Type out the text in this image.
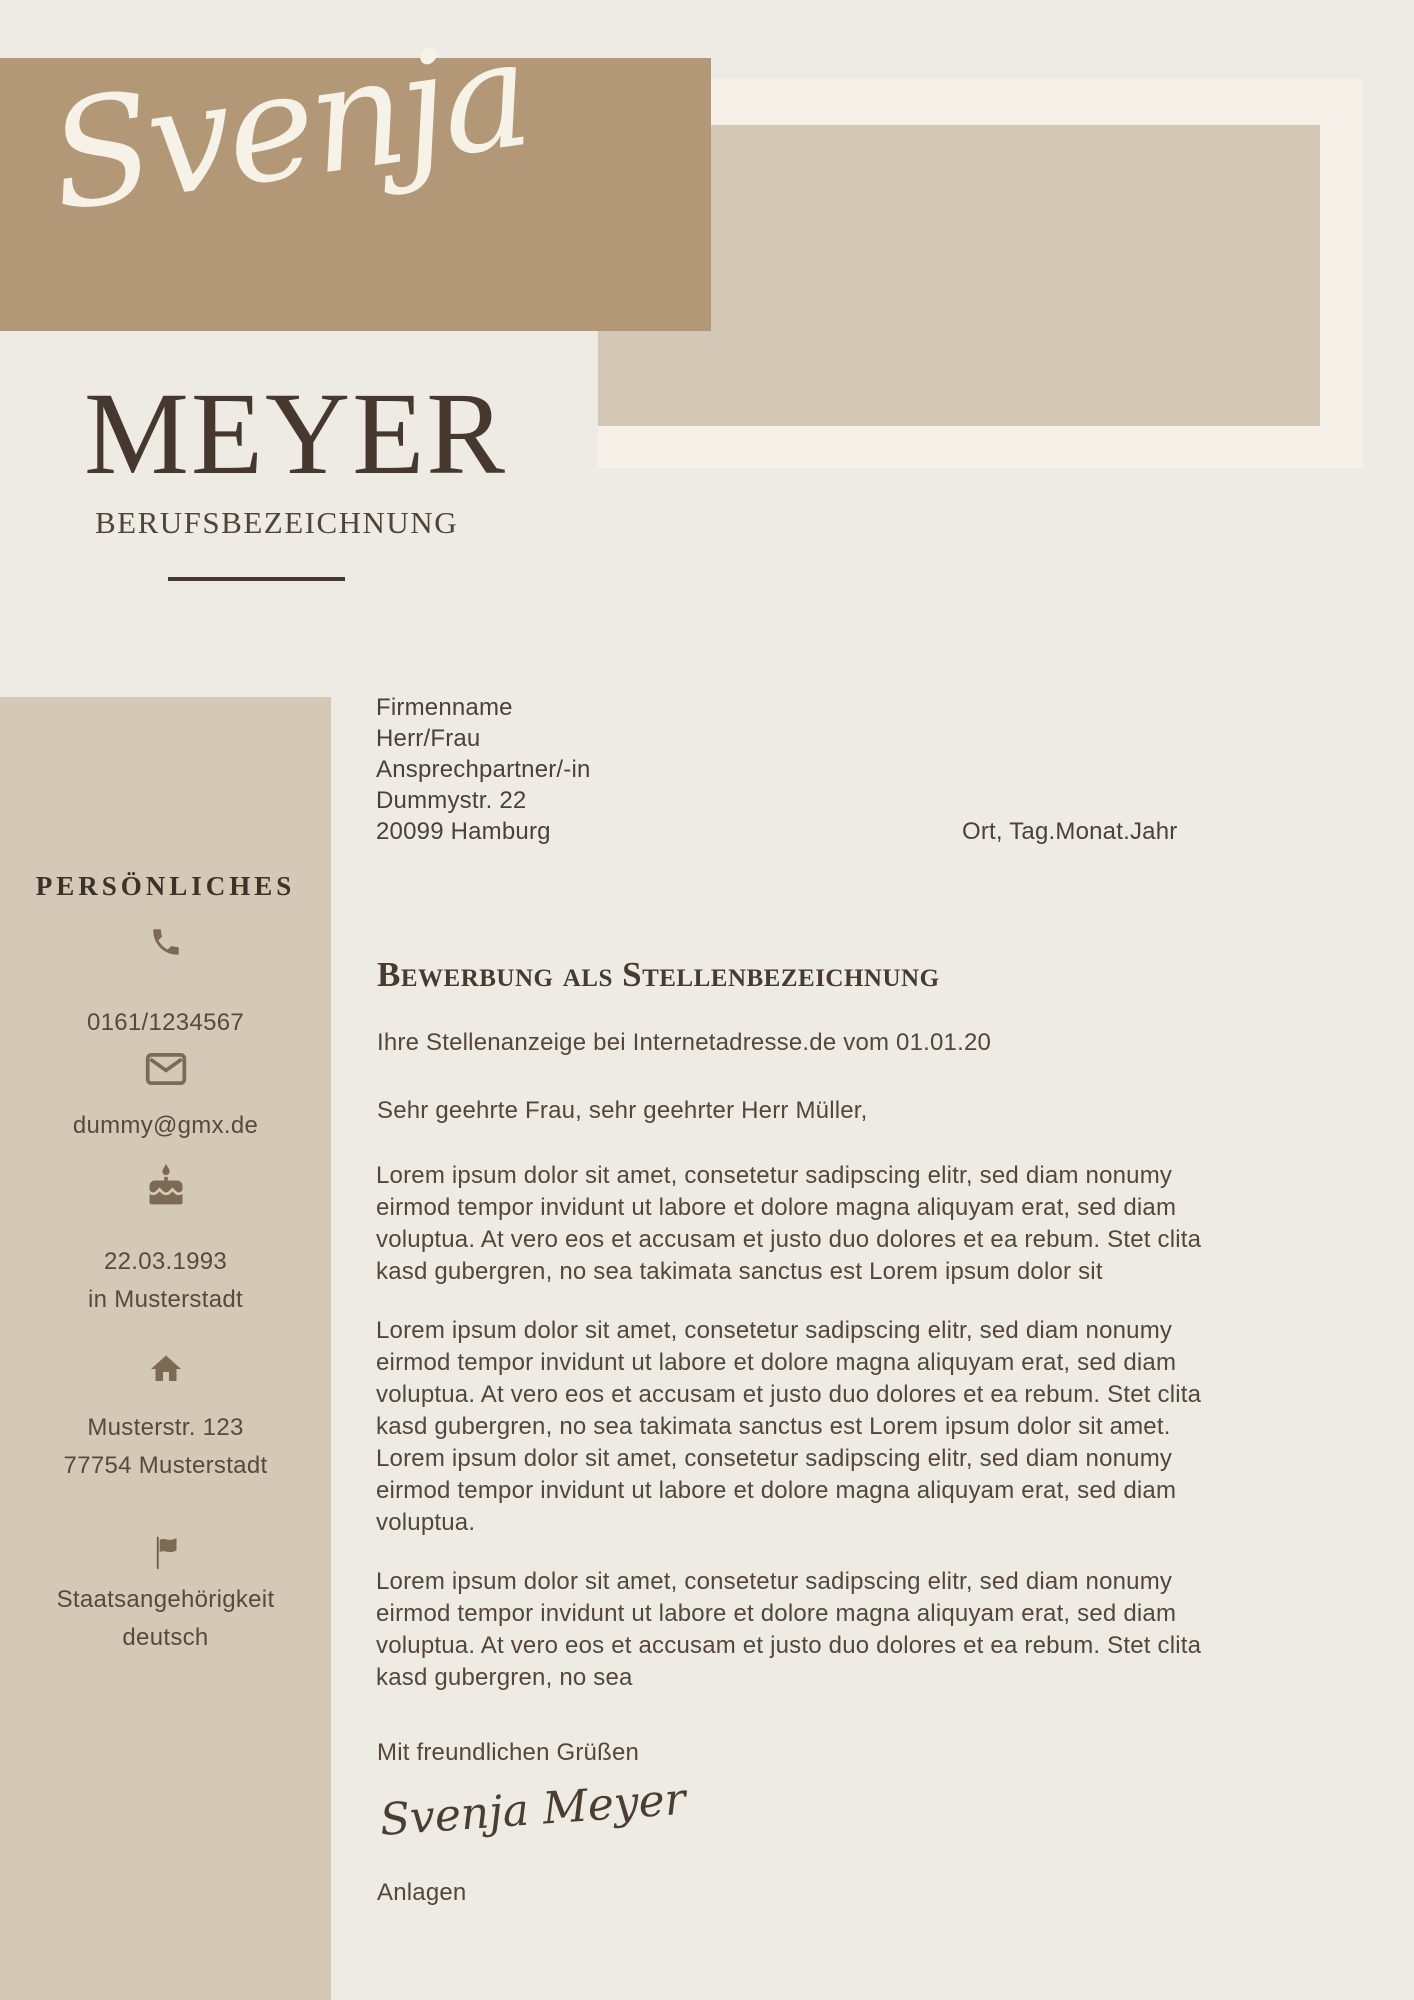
Svenja
MEYER
BERUFSBEZEICHNUNG
PERSÖNLICHES
0161/1234567
dummy@gmx.de
22.03.1993
in Musterstadt
Musterstr. 123
77754 Musterstadt
Staatsangehörigkeit
deutsch
Firmenname
Herr/Frau
Ansprechpartner/-in
Dummystr. 22
20099 Hamburg	Ort, Tag.Monat.Jahr
Bewerbung als Stellenbezeichnung
Ihre Stellenanzeige bei Internetadresse.de vom 01.01.20
Sehr geehrte Frau, sehr geehrter Herr Müller,
Lorem ipsum dolor sit amet, consetetur sadipscing elitr, sed diam nonumy
eirmod tempor invidunt ut labore et dolore magna aliquyam erat, sed diam
voluptua. At vero eos et accusam et justo duo dolores et ea rebum. Stet clita
kasd gubergren, no sea takimata sanctus est Lorem ipsum dolor sit
Lorem ipsum dolor sit amet, consetetur sadipscing elitr, sed diam nonumy
eirmod tempor invidunt ut labore et dolore magna aliquyam erat, sed diam
voluptua. At vero eos et accusam et justo duo dolores et ea rebum. Stet clita
kasd gubergren, no sea takimata sanctus est Lorem ipsum dolor sit amet.
Lorem ipsum dolor sit amet, consetetur sadipscing elitr, sed diam nonumy
eirmod tempor invidunt ut labore et dolore magna aliquyam erat, sed diam
voluptua.
Lorem ipsum dolor sit amet, consetetur sadipscing elitr, sed diam nonumy
eirmod tempor invidunt ut labore et dolore magna aliquyam erat, sed diam
voluptua. At vero eos et accusam et justo duo dolores et ea rebum. Stet clita
kasd gubergren, no sea
Mit freundlichen Grüßen
Svenja Meyer
Anlagen
